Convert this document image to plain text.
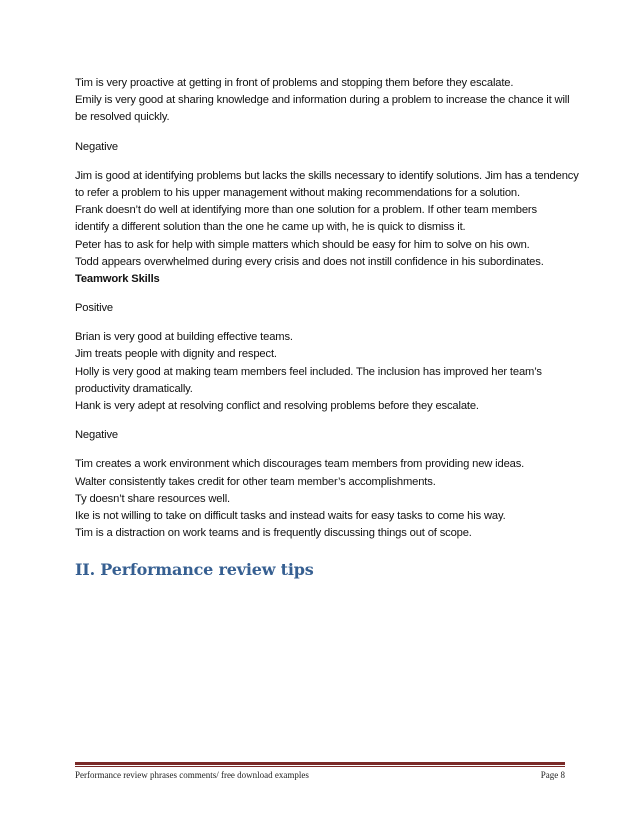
Tim is very proactive at getting in front of problems and stopping them before they escalate.
Emily is very good at sharing knowledge and information during a problem to increase the chance it will
be resolved quickly.
Negative
Jim is good at identifying problems but lacks the skills necessary to identify solutions. Jim has a tendency
to refer a problem to his upper management without making recommendations for a solution.
Frank doesn’t do well at identifying more than one solution for a problem. If other team members
identify a different solution than the one he came up with, he is quick to dismiss it.
Peter has to ask for help with simple matters which should be easy for him to solve on his own.
Todd appears overwhelmed during every crisis and does not instill confidence in his subordinates.
Teamwork Skills
Positive
Brian is very good at building effective teams.
Jim treats people with dignity and respect.
Holly is very good at making team members feel included. The inclusion has improved her team’s
productivity dramatically.
Hank is very adept at resolving conflict and resolving problems before they escalate.
Negative
Tim creates a work environment which discourages team members from providing new ideas.
Walter consistently takes credit for other team member’s accomplishments.
Ty doesn’t share resources well.
Ike is not willing to take on difficult tasks and instead waits for easy tasks to come his way.
Tim is a distraction on work teams and is frequently discussing things out of scope.
II. Performance review tips
Performance review phrases comments/ free download examples	Page 8
